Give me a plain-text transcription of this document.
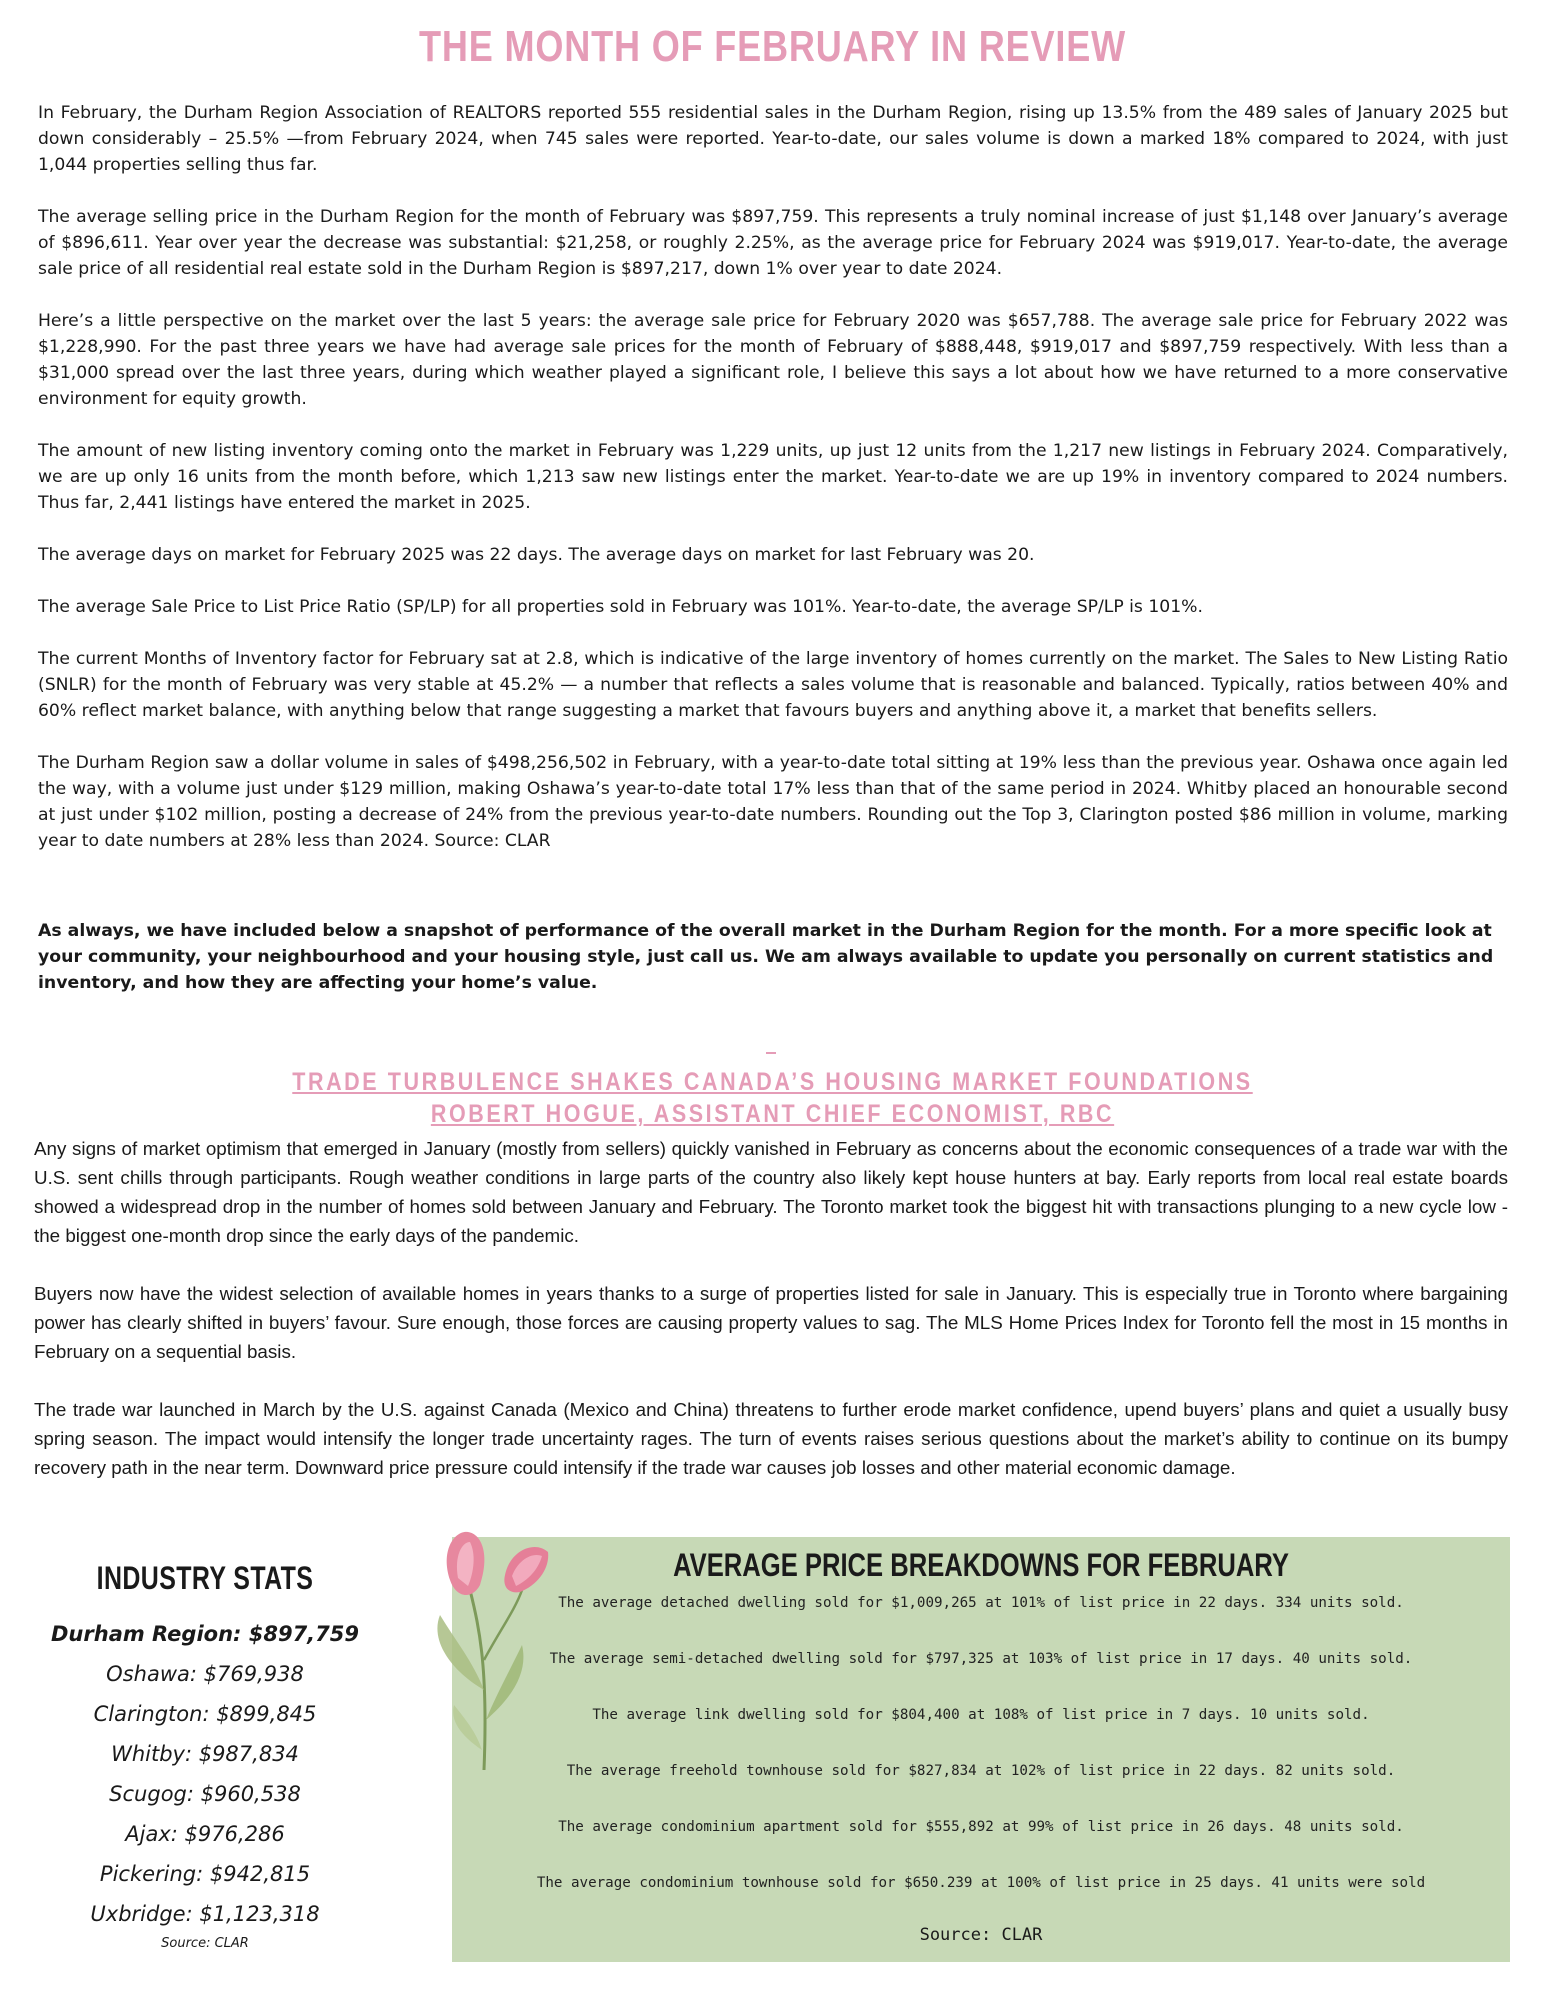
THE MONTH OF FEBRUARY IN REVIEW

In February, the Durham Region Association of REALTORS reported 555 residential sales in the Durham Region, rising up 13.5% from the 489 sales of January 2025 but down considerably – 25.5% —from February 2024, when 745 sales were reported. Year-to-date, our sales volume is down a marked 18% compared to 2024, with just 1,044 properties selling thus far.

The average selling price in the Durham Region for the month of February was $897,759. This represents a truly nominal increase of just $1,148 over January’s average of $896,611. Year over year the decrease was substantial: $21,258, or roughly 2.25%, as the average price for February 2024 was $919,017. Year-to-date, the average sale price of all residential real estate sold in the Durham Region is $897,217, down 1% over year to date 2024.

Here’s a little perspective on the market over the last 5 years: the average sale price for February 2020 was $657,788. The average sale price for February 2022 was $1,228,990. For the past three years we have had average sale prices for the month of February of $888,448, $919,017 and $897,759 respectively. With less than a $31,000 spread over the last three years, during which weather played a significant role, I believe this says a lot about how we have returned to a more conservative environment for equity growth.

The amount of new listing inventory coming onto the market in February was 1,229 units, up just 12 units from the 1,217 new listings in February 2024. Comparatively, we are up only 16 units from the month before, which 1,213 saw new listings enter the market. Year-to-date we are up 19% in inventory compared to 2024 numbers. Thus far, 2,441 listings have entered the market in 2025.

The average days on market for February 2025 was 22 days. The average days on market for last February was 20.

The average Sale Price to List Price Ratio (SP/LP) for all properties sold in February was 101%. Year-to-date, the average SP/LP is 101%.

The current Months of Inventory factor for February sat at 2.8, which is indicative of the large inventory of homes currently on the market. The Sales to New Listing Ratio (SNLR) for the month of February was very stable at 45.2% — a number that reflects a sales volume that is reasonable and balanced. Typically, ratios between 40% and 60% reflect market balance, with anything below that range suggesting a market that favours buyers and anything above it, a market that benefits sellers.

The Durham Region saw a dollar volume in sales of $498,256,502 in February, with a year-to-date total sitting at 19% less than the previous year. Oshawa once again led the way, with a volume just under $129 million, making Oshawa’s year-to-date total 17% less than that of the same period in 2024. Whitby placed an honourable second at just under $102 million, posting a decrease of 24% from the previous year-to-date numbers. Rounding out the Top 3, Clarington posted $86 million in volume, marking year to date numbers at 28% less than 2024. Source: CLAR

As always, we have included below a snapshot of performance of the overall market in the Durham Region for the month. For a more specific look at your community, your neighbourhood and your housing style, just call us. We am always available to update you personally on current statistics and inventory, and how they are affecting your home’s value.

TRADE TURBULENCE SHAKES CANADA’S HOUSING MARKET FOUNDATIONS
ROBERT HOGUE, ASSISTANT CHIEF ECONOMIST, RBC

Any signs of market optimism that emerged in January (mostly from sellers) quickly vanished in February as concerns about the economic consequences of a trade war with the U.S. sent chills through participants. Rough weather conditions in large parts of the country also likely kept house hunters at bay. Early reports from local real estate boards showed a widespread drop in the number of homes sold between January and February. The Toronto market took the biggest hit with transactions plunging to a new cycle low - the biggest one-month drop since the early days of the pandemic.

Buyers now have the widest selection of available homes in years thanks to a surge of properties listed for sale in January. This is especially true in Toronto where bargaining power has clearly shifted in buyers’ favour. Sure enough, those forces are causing property values to sag. The MLS Home Prices Index for Toronto fell the most in 15 months in February on a sequential basis.

The trade war launched in March by the U.S. against Canada (Mexico and China) threatens to further erode market confidence, upend buyers’ plans and quiet a usually busy spring season. The impact would intensify the longer trade uncertainty rages. The turn of events raises serious questions about the market’s ability to continue on its bumpy recovery path in the near term. Downward price pressure could intensify if the trade war causes job losses and other material economic damage.

INDUSTRY STATS
Durham Region: $897,759
Oshawa: $769,938
Clarington: $899,845
Whitby: $987,834
Scugog: $960,538
Ajax: $976,286
Pickering: $942,815
Uxbridge: $1,123,318
Source: CLAR
AVERAGE PRICE BREAKDOWNS FOR FEBRUARY
The average detached dwelling sold for $1,009,265 at 101% of list price in 22 days. 334 units sold.
The average semi-detached dwelling sold for $797,325 at 103% of list price in 17 days. 40 units sold.
The average link dwelling sold for $804,400 at 108% of list price in 7 days. 10 units sold.
The average freehold townhouse sold for $827,834 at 102% of list price in 22 days. 82 units sold.
The average condominium apartment sold for $555,892 at 99% of list price in 26 days. 48 units sold.
The average condominium townhouse sold for $650.239 at 100% of list price in 25 days. 41 units were sold
Source: CLAR
